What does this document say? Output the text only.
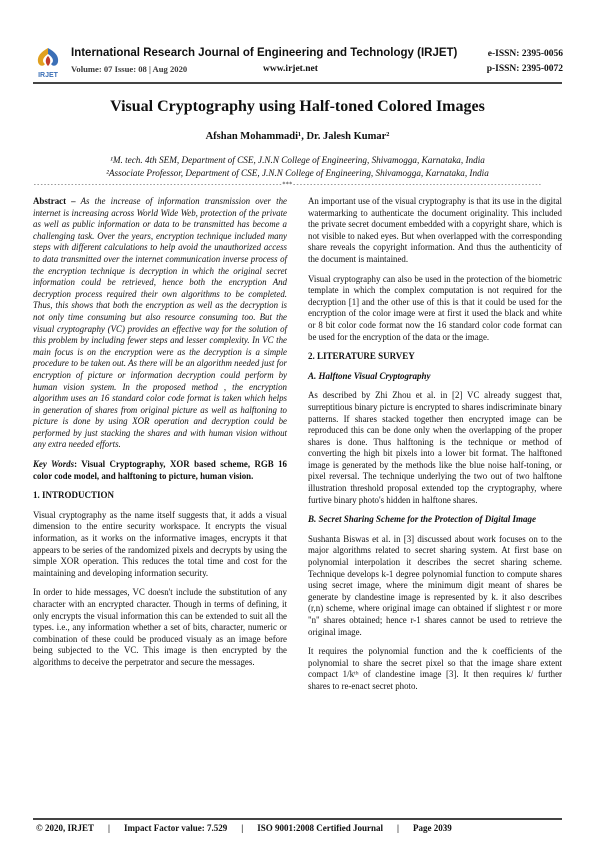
IRJET
International Research Journal of Engineering and Technology (IRJET)
Volume: 07 Issue: 08 | Aug 2020	www.irjet.net
e-ISSN: 2395-0056
p-ISSN: 2395-0072
Visual Cryptography using Half-toned Colored Images
Afshan Mohammadi¹, Dr. Jalesh Kumar²
¹M. tech. 4th SEM, Department of CSE, J.N.N College of Engineering, Shivamogga, Karnataka, India
²Associate Professor, Department of CSE, J.N.N College of Engineering, Shivamogga, Karnataka, India
-------------------------------------------------------------------------***-------------------------------------------------------------------------

Abstract – As the increase of information transmission over the internet is increasing across World Wide Web, protection of the private as well as public information or data to be transmitted has become a challenging task. Over the years, encryption technique included many steps with different calculations to help avoid the unauthorized access to data transmitted over the internet communication inverse process of the encryption technique is decryption in which the original secret information could be retrieved, hence both the encryption And decryption process required their own algorithms to be completed. Thus, this shows that both the encryption as well as the decryption is not only time consuming but also resource consuming too. But the visual cryptography (VC) provides an effective way for the solution of this problem by including fewer steps and lesser complexity. In VC the main focus is on the encryption were as the decryption is a simple procedure to be taken out. As there will be an algorithm needed just for encryption of picture or information decryption could perform by human vision system. In the proposed method , the encryption algorithm uses an 16 standard color code format is taken which helps in generation of shares from original picture as well as halftoning to picture is done by using XOR operation and decryption could be performed by just stacking the shares and with human vision without any extra needed efforts.

Key Words: Visual Cryptography, XOR based scheme, RGB 16 color code model, and halftoning to picture, human vision.

1. INTRODUCTION

Visual cryptography as the name itself suggests that, it adds a visual dimension to the entire security workspace. It encrypts the visual information, as it works on the informative images, encrypts it that appears to be series of the randomized pixels and decrypts by using the simple XOR operation. This reduces the total time and cost for the maintaining and developing information security.

In order to hide messages, VC doesn't include the substitution of any character with an encrypted character. Though in terms of defining, it only encrypts the visual information this can be extended to suit all the types. i.e., any information whether a set of bits, character, numeric or combination of these could be produced visualy as an image before being subjected to the VC. This image is then encrypted by the algorithms to deceive the perpetrator and secure the messages.

An important use of the visual cryptography is that its use in the digital watermarking to authenticate the document originality. This included the private secret document embedded with a copyright share, which is not visible to naked eyes. But when overlapped with the corresponding share reveals the copyright information. And thus the authenticity of the document is maintained.

Visual cryptography can also be used in the protection of the biometric template in which the complex computation is not required for the decryption [1] and the other use of this is that it could be used for the encryption of the color image were at first it used the black and white or 8 bit color code format now the 16 standard color code format can be used for the encryption of the data or the image.

2. LITERATURE SURVEY
A. Halftone Visual Cryptography

As described by Zhi Zhou et al. in [2] VC already suggest that, surreptitious binary picture is encrypted to shares indiscriminate binary patterns. If shares stacked together then encrypted image can be reproduced this can be done only when the overlapping of the proper shares is done. Thus halftoning is the technique or method of converting the high bit pixels into a lower bit format. The halftoned image is generated by the methods like the blue noise half-toning, or pixel reversal. The technique underlying the two out of two halftone illustration threshold proposal extended top the cryptography, where furtive binary photo's hidden in halftone shares.

B. Secret Sharing Scheme for the Protection of Digital Image

Sushanta Biswas et al. in [3] discussed about work focuses on to the major algorithms related to secret sharing system. At first base on polynomial interpolation it describes the secret sharing scheme. Technique develops k-1 degree polynomial function to compute shares using secret image, where the minimum digit meant of shares be generate by clandestine image is represented by k. it also describes (r,n) scheme, where original image can obtained if slightest r or more "n" shares obtained; hence r-1 shares cannot be used to retrieve the original image.

It requires the polynomial function and the k coefficients of the polynomial to share the secret pixel so that the image share extent compact 1/kᵗʰ of clandestine image [3]. It then requires k/ further shares to re-enact secret photo.

© 2020, IRJET | Impact Factor value: 7.529 | ISO 9001:2008 Certified Journal | Page 2039
